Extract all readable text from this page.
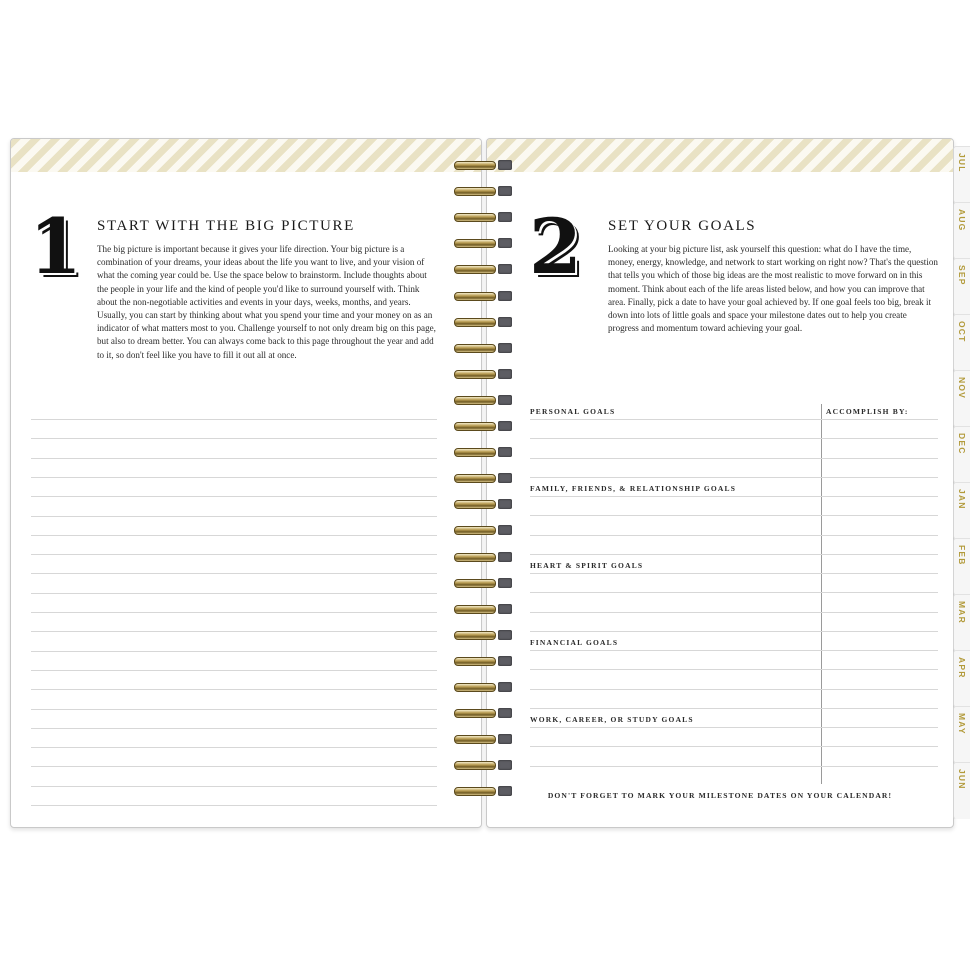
1 START WITH THE BIG PICTURE

The big picture is important because it gives your life direction. Your big picture is a combination of your dreams, your ideas about the life you want to live, and your vision of what the coming year could be. Use the space below to brainstorm. Include thoughts about the people in your life and the kind of people you'd like to surround yourself with. Think about the non-negotiable activities and events in your days, weeks, months, and years. Usually, you can start by thinking about what you spend your time and your money on as an indicator of what matters most to you. Challenge yourself to not only dream big on this page, but also to dream better. You can always come back to this page throughout the year and add to it, so don't feel like you have to fill it out all at once.

2 SET YOUR GOALS

Looking at your big picture list, ask yourself this question: what do I have the time, money, energy, knowledge, and network to start working on right now? That's the question that tells you which of those big ideas are the most realistic to move forward on in this moment. Think about each of the life areas listed below, and how you can improve that area. Finally, pick a date to have your goal achieved by. If one goal feels too big, break it down into lots of little goals and space your milestone dates out to help you create progress and momentum toward achieving your goal.

ACCOMPLISH BY:
PERSONAL GOALS
FAMILY, FRIENDS, & RELATIONSHIP GOALS
HEART & SPIRIT GOALS
FINANCIAL GOALS
WORK, CAREER, OR STUDY GOALS
DON'T FORGET TO MARK YOUR MILESTONE DATES ON YOUR CALENDAR!
JUL
AUG
SEP
OCT
NOV
DEC
JAN
FEB
MAR
APR
MAY
JUN
